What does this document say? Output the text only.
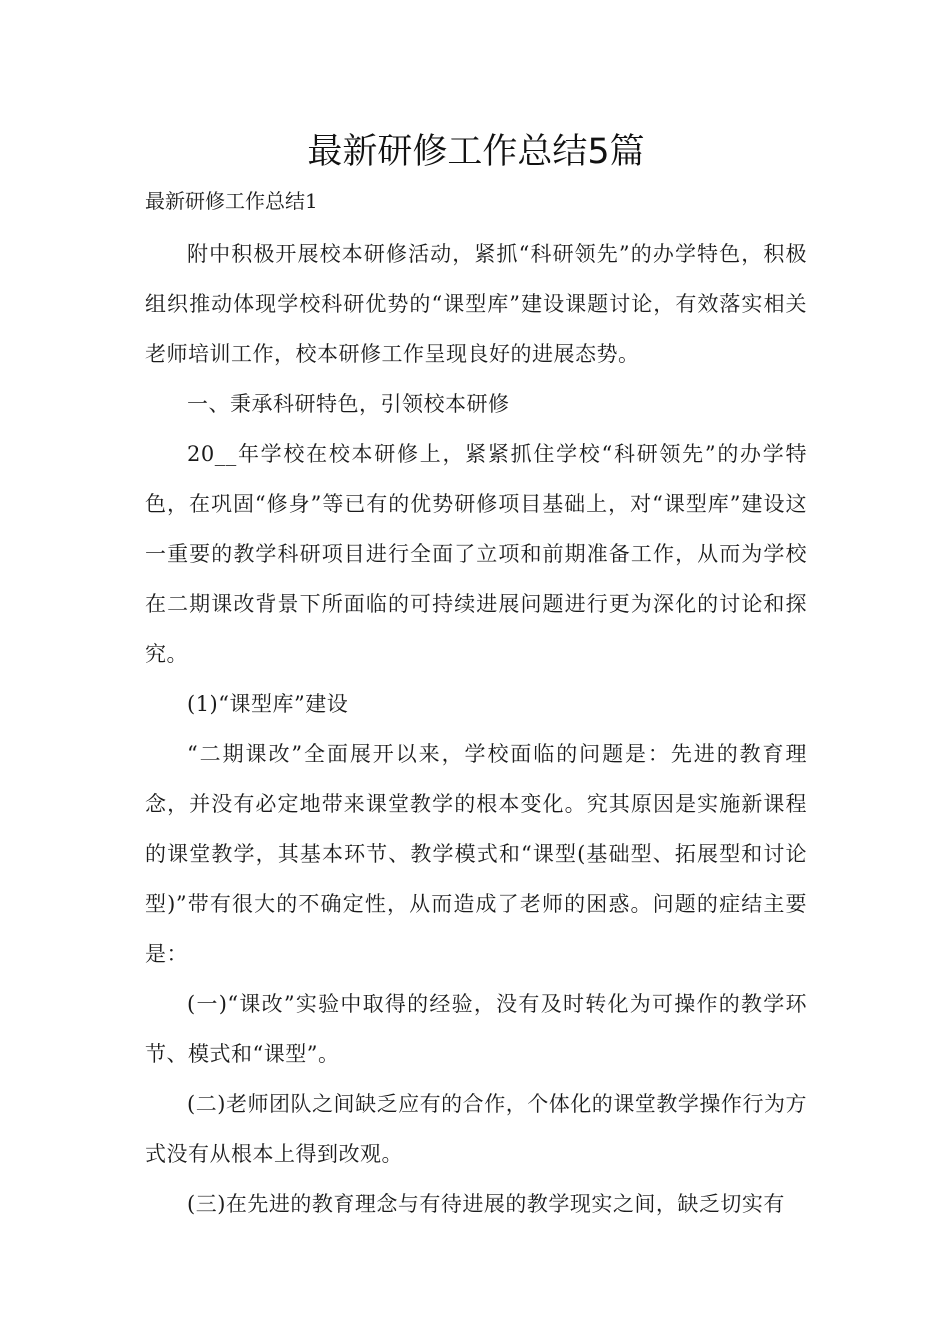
最新研修工作总结5篇

最新研修工作总结1

附中积极开展校本研修活动，紧抓“科研领先”的办学特色，积极组织推动体现学校科研优势的“课型库”建设课题讨论，有效落实相关老师培训工作，校本研修工作呈现良好的进展态势。

一、秉承科研特色，引领校本研修

20__年学校在校本研修上，紧紧抓住学校“科研领先”的办学特色，在巩固“修身”等已有的优势研修项目基础上，对“课型库”建设这一重要的教学科研项目进行全面了立项和前期准备工作，从而为学校在二期课改背景下所面临的可持续进展问题进行更为深化的讨论和探究。

(1)“课型库”建设

“二期课改”全面展开以来，学校面临的问题是：先进的教育理念，并没有必定地带来课堂教学的根本变化。究其原因是实施新课程的课堂教学，其基本环节、教学模式和“课型(基础型、拓展型和讨论型)”带有很大的不确定性，从而造成了老师的困惑。问题的症结主要是：

(一)“课改”实验中取得的经验，没有及时转化为可操作的教学环节、模式和“课型”。

(二)老师团队之间缺乏应有的合作，个体化的课堂教学操作行为方式没有从根本上得到改观。

(三)在先进的教育理念与有待进展的教学现实之间，缺乏切实有
